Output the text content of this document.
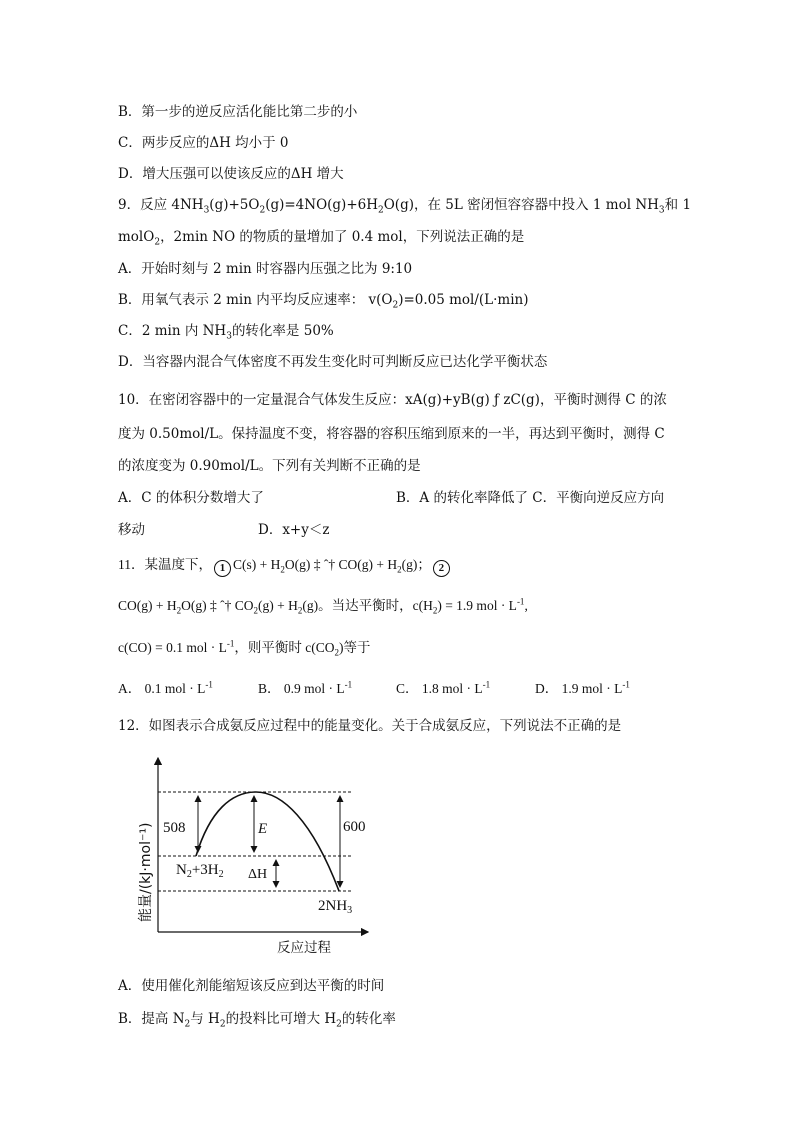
B．第一步的逆反应活化能比第二步的小
C．两步反应的ΔH 均小于 0
D．增大压强可以使该反应的ΔH 增大
9．反应 $4NH_3(g)+5O_2(g)=4NO(g)+6H_2O(g)$，在 5L 密闭恒容容器中投入 1 mol $NH_3$和 1
molO$_2$，2min NO 的物质的量增加了 0.4 mol，下列说法正确的是
A．开始时刻与 2 min 时容器内压强之比为 9:10
B．用氧气表示 2 min 内平均反应速率： $v(O_2)=0.05$ mol/(L·min)
C．2 min 内 $NH_3$的转化率是 50%
D．当容器内混合气体密度不再发生变化时可判断反应已达化学平衡状态
10．在密闭容器中的一定量混合气体发生反应：xA(g)+yB(g) ƒ zC(g)，平衡时测得 C 的浓
度为 0.50mol/L。保持温度不变，将容器的容积压缩到原来的一半，再达到平衡时，测得 C
的浓度变为 0.90mol/L。下列有关判断不正确的是
A．C 的体积分数增大了	B．A 的转化率降低了 C．平衡向逆反应方向
移动	D．x+y＜z
11．某温度下， 1 $C(s) + H_2O(g)$ ‡ ˆ† $CO(g) + H_2(g)$； 2
$CO(g) + H_2O(g)$ ‡ ˆ† $CO_2(g) + H_2(g)$。当达平衡时，$c(H_2) = 1.9$ mol · $L^{-1}$,
c(CO) = 0.1 mol · $L^{-1}$，则平衡时 $c(CO_2)$等于
A． 0.1 mol · $L^{-1}$	B． 0.9 mol · $L^{-1}$	C． 1.8 mol · $L^{-1}$	D． 1.9 mol · $L^{-1}$
12．如图表示合成氨反应过程中的能量变化。关于合成氨反应，下列说法不正确的是
508	600
E
ΔH
$N_2+3H_2$
$2NH_3$
能量/(kJ·mol⁻¹)
反应过程
A．使用催化剂能缩短该反应到达平衡的时间
B．提高 $N_2$与 $H_2$的投料比可增大 $H_2$的转化率
